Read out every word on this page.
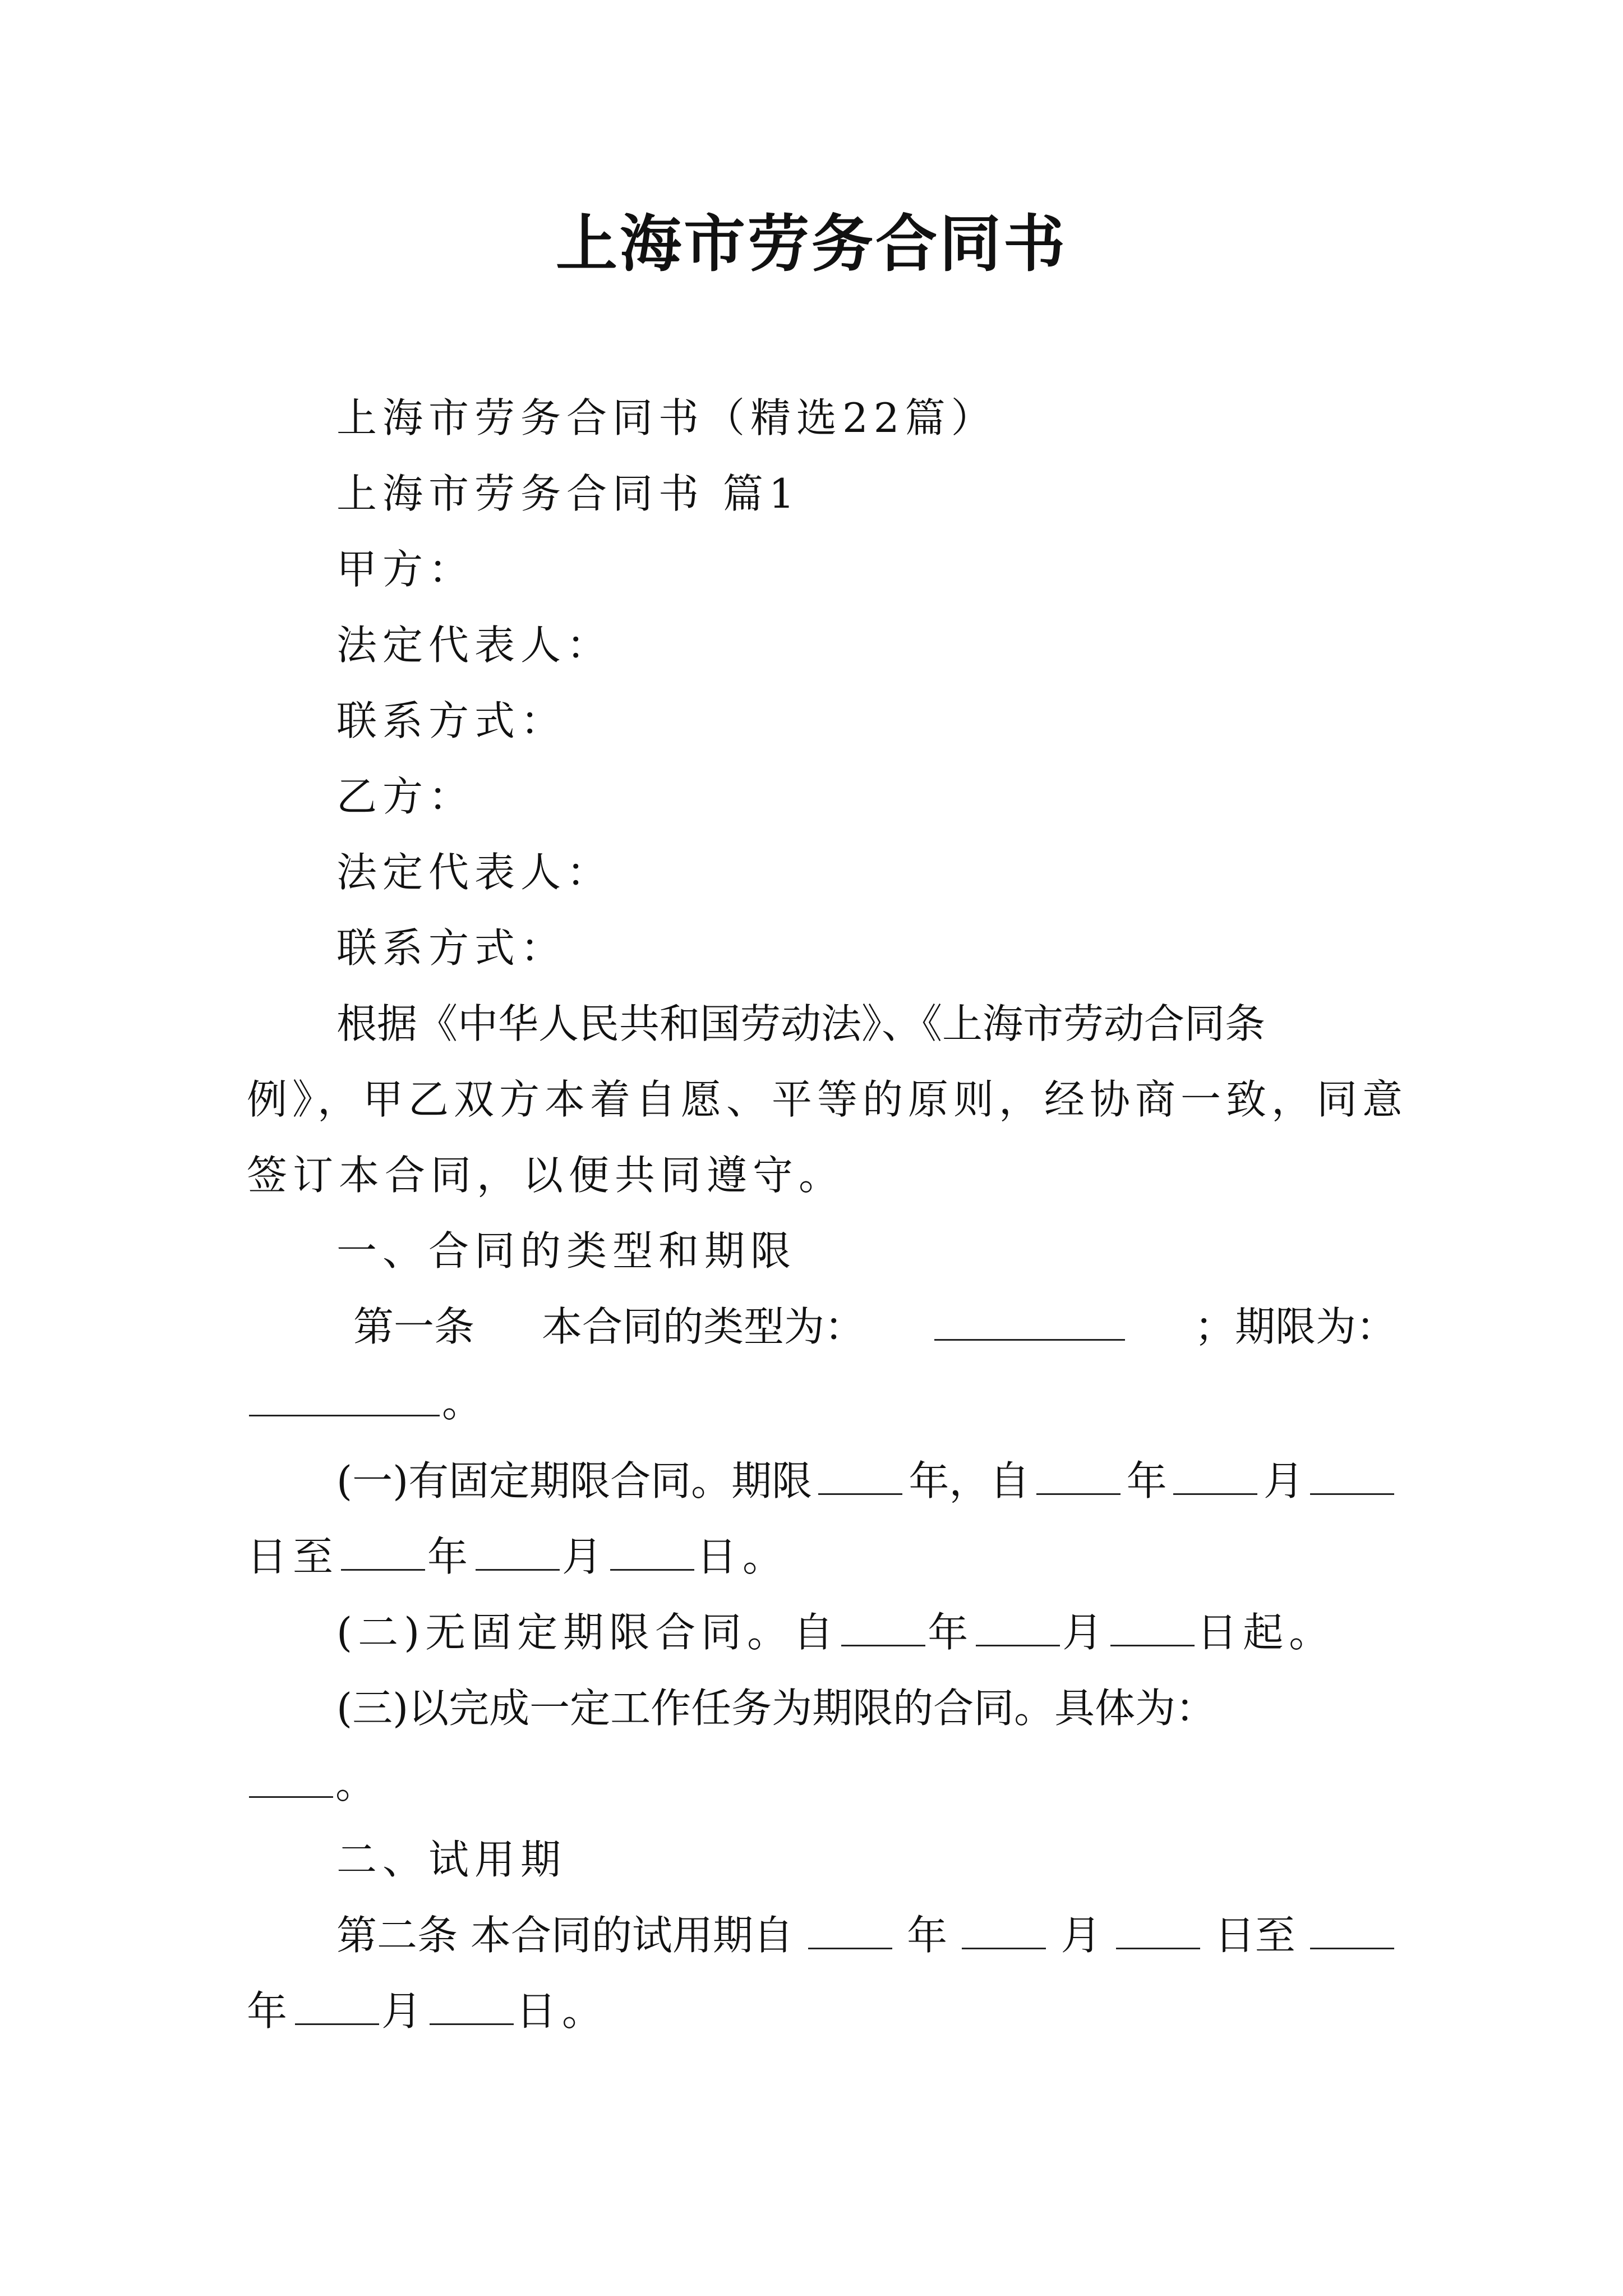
上海市劳务合同书
上海市劳务合同书（精选22篇）
上海市劳务合同书 篇1
甲方：
法定代表人：
联系方式：
乙方：
法定代表人：
联系方式：
根据《中华人民共和国劳动法》、《上海市劳动合同条
例》，甲乙双方本着自愿、平等的原则，经协商一致，同意
签订本合同，以便共同遵守。
一、合同的类型和期限
第一条 本合同的类型为：	；期限为：
。
(一)有固定期限合同。期限 年，自 年 月
日至 年 月 日。
(二)无固定期限合同。自 年 月 日起。
(三)以完成一定工作任务为期限的合同。具体为：
。
二、试用期
第二条 本合同的试用期自	年	月	日至
年 月 日。
